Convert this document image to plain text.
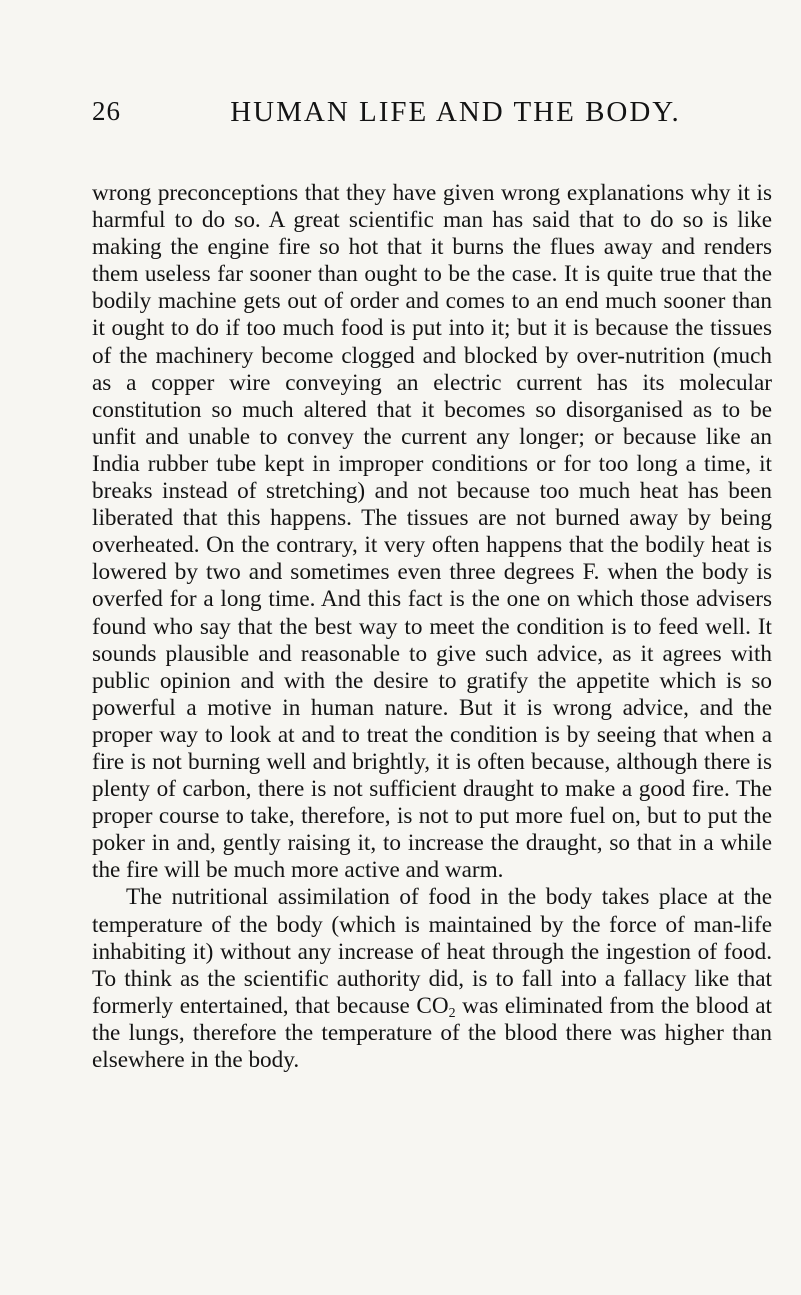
26	HUMAN LIFE AND THE BODY.

wrong preconceptions that they have given wrong explanations why it is harmful to do so. A great scientific man has said that to do so is like making the engine fire so hot that it burns the flues away and renders them useless far sooner than ought to be the case. It is quite true that the bodily machine gets out of order and comes to an end much sooner than it ought to do if too much food is put into it; but it is because the tissues of the machinery become clogged and blocked by over-nutrition (much as a copper wire conveying an electric current has its molecular constitution so much altered that it becomes so disorganised as to be unfit and unable to convey the current any longer; or because like an India rubber tube kept in improper conditions or for too long a time, it breaks instead of stretching) and not because too much heat has been liberated that this happens. The tissues are not burned away by being overheated. On the contrary, it very often happens that the bodily heat is lowered by two and sometimes even three degrees F. when the body is overfed for a long time. And this fact is the one on which those advisers found who say that the best way to meet the condition is to feed well. It sounds plausible and reasonable to give such advice, as it agrees with public opinion and with the desire to gratify the appetite which is so powerful a motive in human nature. But it is wrong advice, and the proper way to look at and to treat the condition is by seeing that when a fire is not burning well and brightly, it is often because, although there is plenty of carbon, there is not sufficient draught to make a good fire. The proper course to take, therefore, is not to put more fuel on, but to put the poker in and, gently raising it, to increase the draught, so that in a while the fire will be much more active and warm.

The nutritional assimilation of food in the body takes place at the temperature of the body (which is maintained by the force of man-life inhabiting it) without any increase of heat through the ingestion of food. To think as the scientific authority did, is to fall into a fallacy like that formerly entertained, that because $CO_2$ was eliminated from the blood at the lungs, therefore the temperature of the blood there was higher than elsewhere in the body.
